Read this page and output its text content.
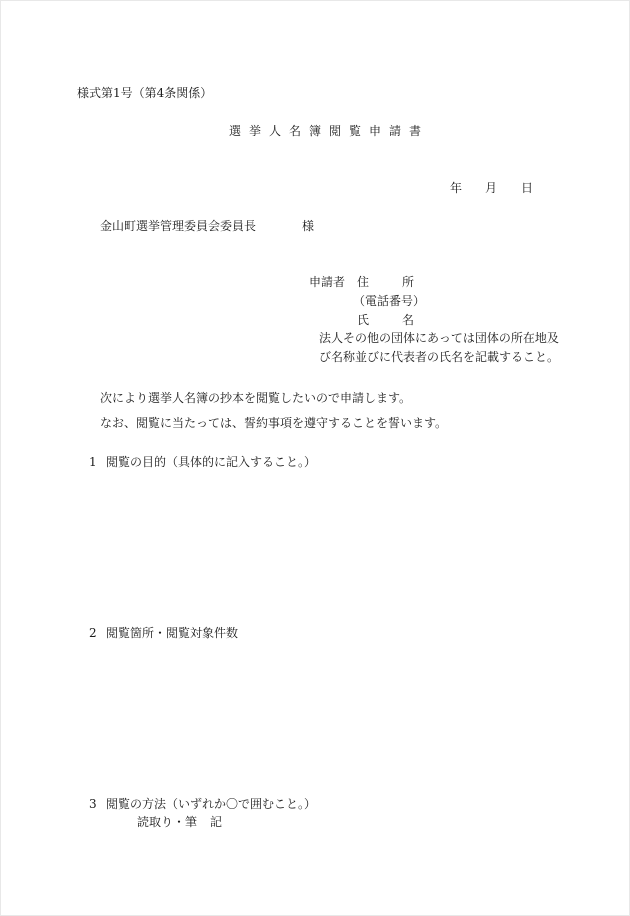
様式第1号（第4条関係）
選 挙 人 名 簿 閲 覧 申 請 書
年 月 日
金山町選挙管理委員会委員長	様
申請者 住	所
（電話番号）
氏	名
法人その他の団体にあっては団体の所在地及
び名称並びに代表者の氏名を記載すること。
次により選挙人名簿の抄本を閲覧したいので申請します。
なお、閲覧に当たっては、誓約事項を遵守することを誓います。
1 閲覧の目的（具体的に記入すること。）
2 閲覧箇所・閲覧対象件数
3 閲覧の方法（いずれか〇で囲むこと。）
読取り・筆 記
